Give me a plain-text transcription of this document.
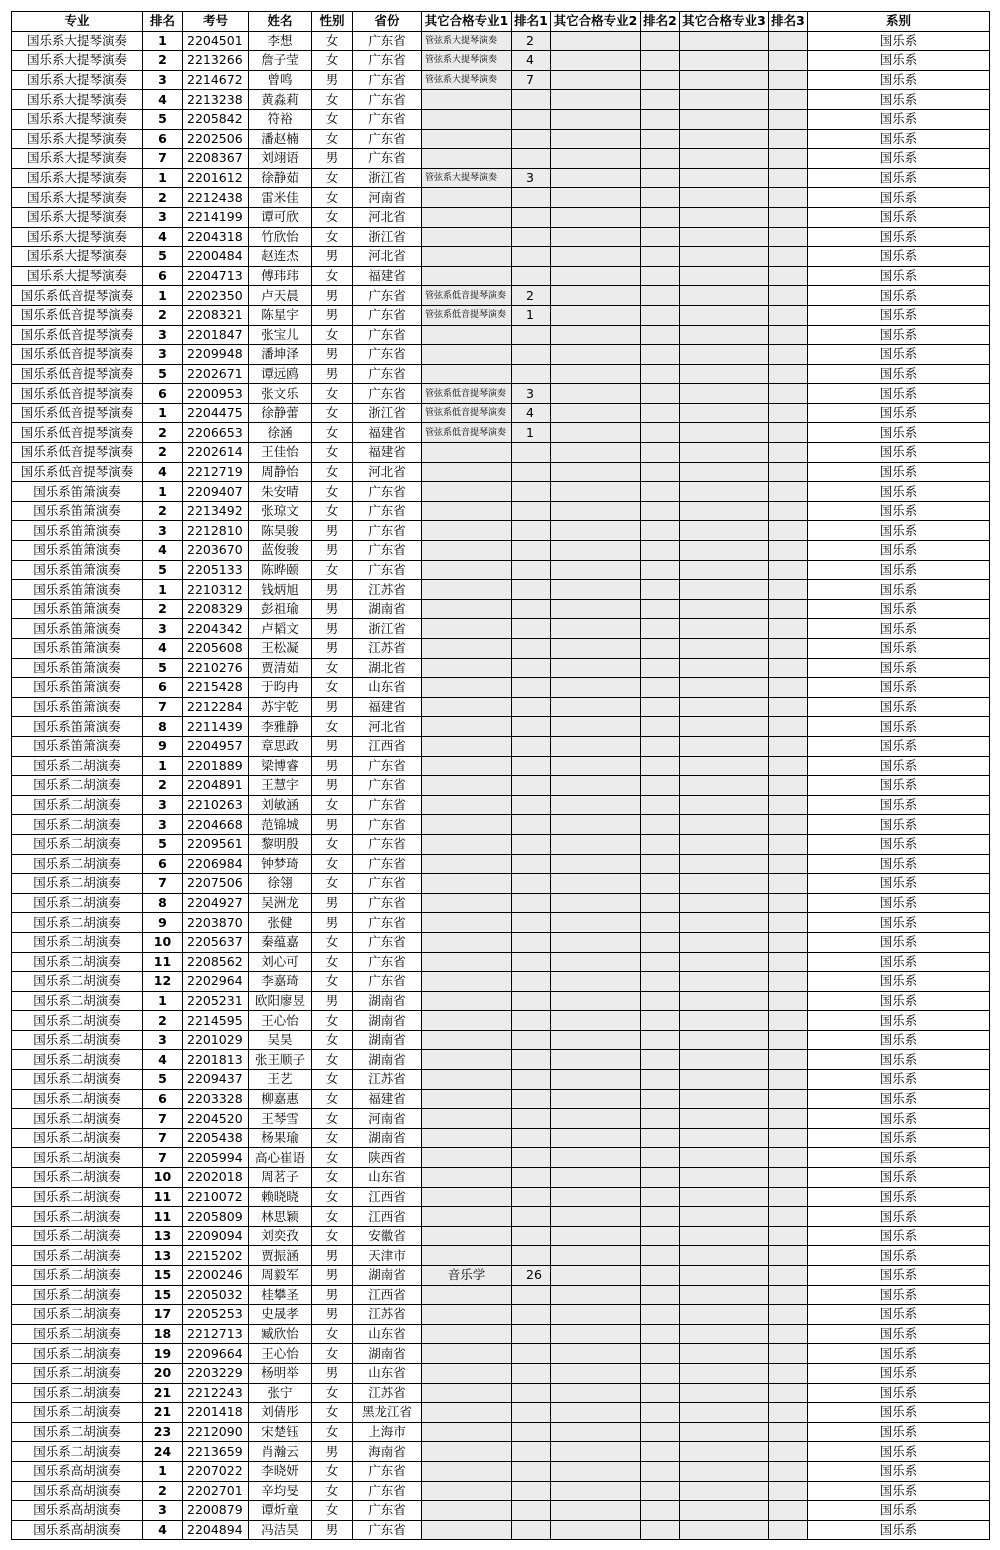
专业	排名	考号	姓名	性别	省份	其它合格专业1	排名1	其它合格专业2	排名2	其它合格专业3	排名3	系别
国乐系大提琴演奏	1	2204501	李想	女	广东省	管弦系大提琴演奏	2					国乐系
国乐系大提琴演奏	2	2213266	詹子莹	女	广东省	管弦系大提琴演奏	4					国乐系
国乐系大提琴演奏	3	2214672	曾鸣	男	广东省	管弦系大提琴演奏	7					国乐系
国乐系大提琴演奏	4	2213238	黄淼莉	女	广东省							国乐系
国乐系大提琴演奏	5	2205842	符裕	女	广东省							国乐系
国乐系大提琴演奏	6	2202506	潘赵楠	女	广东省							国乐系
国乐系大提琴演奏	7	2208367	刘翊语	男	广东省							国乐系
国乐系大提琴演奏	1	2201612	徐静茹	女	浙江省	管弦系大提琴演奏	3					国乐系
国乐系大提琴演奏	2	2212438	雷米佳	女	河南省							国乐系
国乐系大提琴演奏	3	2214199	谭可欣	女	河北省							国乐系
国乐系大提琴演奏	4	2204318	竹欣怡	女	浙江省							国乐系
国乐系大提琴演奏	5	2200484	赵连杰	男	河北省							国乐系
国乐系大提琴演奏	6	2204713	傅玮玮	女	福建省							国乐系
国乐系低音提琴演奏	1	2202350	卢天晨	男	广东省	管弦系低音提琴演奏	2					国乐系
国乐系低音提琴演奏	2	2208321	陈星宇	男	广东省	管弦系低音提琴演奏	1					国乐系
国乐系低音提琴演奏	3	2201847	张宝儿	女	广东省							国乐系
国乐系低音提琴演奏	3	2209948	潘坤泽	男	广东省							国乐系
国乐系低音提琴演奏	5	2202671	谭远鸥	男	广东省							国乐系
国乐系低音提琴演奏	6	2200953	张文乐	女	广东省	管弦系低音提琴演奏	3					国乐系
国乐系低音提琴演奏	1	2204475	徐静蕾	女	浙江省	管弦系低音提琴演奏	4					国乐系
国乐系低音提琴演奏	2	2206653	徐涵	女	福建省	管弦系低音提琴演奏	1					国乐系
国乐系低音提琴演奏	2	2202614	王佳怡	女	福建省							国乐系
国乐系低音提琴演奏	4	2212719	周静怡	女	河北省							国乐系
国乐系笛箫演奏	1	2209407	朱安晴	女	广东省							国乐系
国乐系笛箫演奏	2	2213492	张琼文	女	广东省							国乐系
国乐系笛箫演奏	3	2212810	陈昊骏	男	广东省							国乐系
国乐系笛箫演奏	4	2203670	蓝俊骏	男	广东省							国乐系
国乐系笛箫演奏	5	2205133	陈晔颐	女	广东省							国乐系
国乐系笛箫演奏	1	2210312	钱炳旭	男	江苏省							国乐系
国乐系笛箫演奏	2	2208329	彭祖瑜	男	湖南省							国乐系
国乐系笛箫演奏	3	2204342	卢韬文	男	浙江省							国乐系
国乐系笛箫演奏	4	2205608	王松凝	男	江苏省							国乐系
国乐系笛箫演奏	5	2210276	贾清茹	女	湖北省							国乐系
国乐系笛箫演奏	6	2215428	于昀冉	女	山东省							国乐系
国乐系笛箫演奏	7	2212284	苏宇乾	男	福建省							国乐系
国乐系笛箫演奏	8	2211439	李雅静	女	河北省							国乐系
国乐系笛箫演奏	9	2204957	章思政	男	江西省							国乐系
国乐系二胡演奏	1	2201889	梁博睿	男	广东省							国乐系
国乐系二胡演奏	2	2204891	王慧宇	男	广东省							国乐系
国乐系二胡演奏	3	2210263	刘敏涵	女	广东省							国乐系
国乐系二胡演奏	3	2204668	范锦城	男	广东省							国乐系
国乐系二胡演奏	5	2209561	黎明殷	女	广东省							国乐系
国乐系二胡演奏	6	2206984	钟梦琦	女	广东省							国乐系
国乐系二胡演奏	7	2207506	徐翎	女	广东省							国乐系
国乐系二胡演奏	8	2204927	吴洲龙	男	广东省							国乐系
国乐系二胡演奏	9	2203870	张健	男	广东省							国乐系
国乐系二胡演奏	10	2205637	秦蕴嘉	女	广东省							国乐系
国乐系二胡演奏	11	2208562	刘心可	女	广东省							国乐系
国乐系二胡演奏	12	2202964	李嘉琦	女	广东省							国乐系
国乐系二胡演奏	1	2205231	欧阳廖昱	男	湖南省							国乐系
国乐系二胡演奏	2	2214595	王心怡	女	湖南省							国乐系
国乐系二胡演奏	3	2201029	吴昊	女	湖南省							国乐系
国乐系二胡演奏	4	2201813	张王顺子	女	湖南省							国乐系
国乐系二胡演奏	5	2209437	王艺	女	江苏省							国乐系
国乐系二胡演奏	6	2203328	柳嘉惠	女	福建省							国乐系
国乐系二胡演奏	7	2204520	王琴雪	女	河南省							国乐系
国乐系二胡演奏	7	2205438	杨果瑜	女	湖南省							国乐系
国乐系二胡演奏	7	2205994	高心崔语	女	陕西省							国乐系
国乐系二胡演奏	10	2202018	周茗子	女	山东省							国乐系
国乐系二胡演奏	11	2210072	赖晓晓	女	江西省							国乐系
国乐系二胡演奏	11	2205809	林思颖	女	江西省							国乐系
国乐系二胡演奏	13	2209094	刘奕孜	女	安徽省							国乐系
国乐系二胡演奏	13	2215202	贾振涵	男	天津市							国乐系
国乐系二胡演奏	15	2200246	周毅军	男	湖南省	音乐学	26					国乐系
国乐系二胡演奏	15	2205032	桂攀圣	男	江西省							国乐系
国乐系二胡演奏	17	2205253	史晟孝	男	江苏省							国乐系
国乐系二胡演奏	18	2212713	臧欣怡	女	山东省							国乐系
国乐系二胡演奏	19	2209664	王心怡	女	湖南省							国乐系
国乐系二胡演奏	20	2203229	杨明举	男	山东省							国乐系
国乐系二胡演奏	21	2212243	张宁	女	江苏省							国乐系
国乐系二胡演奏	21	2201418	刘倩彤	女	黑龙江省							国乐系
国乐系二胡演奏	23	2212090	宋楚钰	女	上海市							国乐系
国乐系二胡演奏	24	2213659	肖瀚云	男	海南省							国乐系
国乐系高胡演奏	1	2207022	李晓妍	女	广东省							国乐系
国乐系高胡演奏	2	2202701	辛均旻	女	广东省							国乐系
国乐系高胡演奏	3	2200879	谭炘童	女	广东省							国乐系
国乐系高胡演奏	4	2204894	冯洁昊	男	广东省							国乐系
